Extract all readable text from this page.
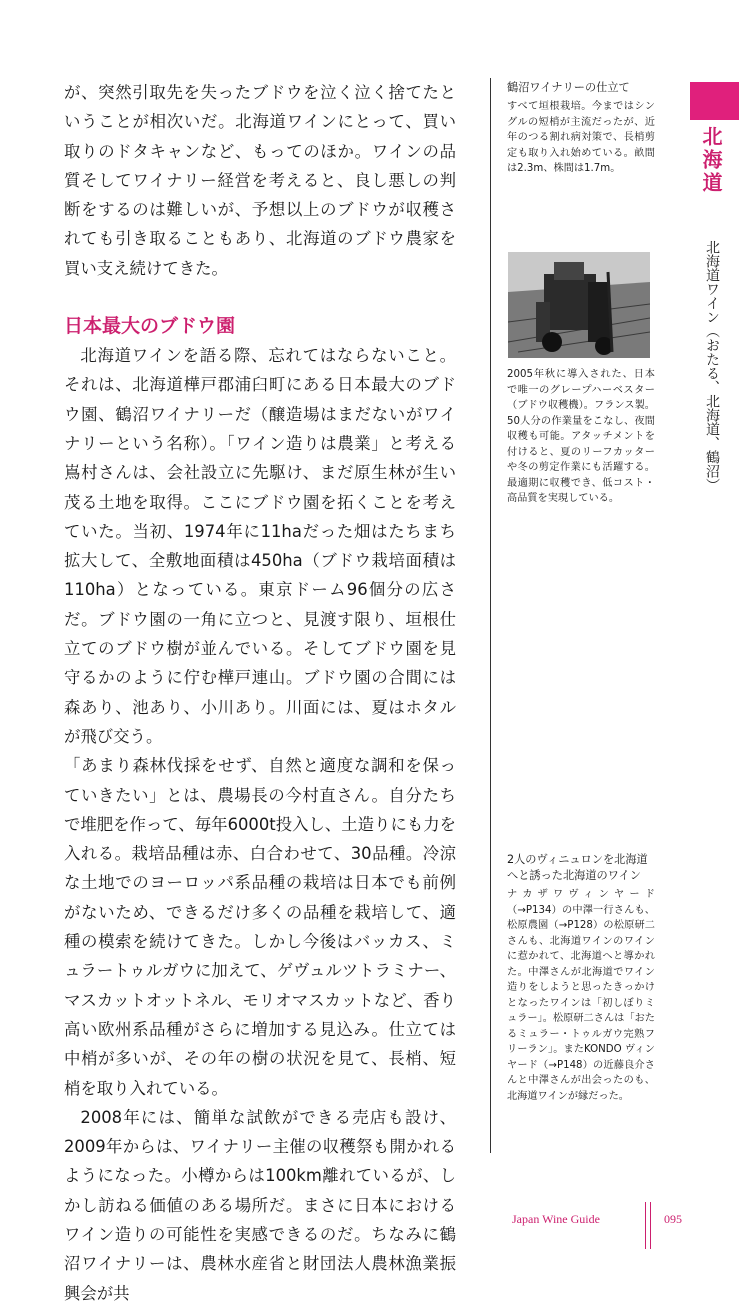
が、突然引取先を失ったブドウを泣く泣く捨てたということが相次いだ。北海道ワインにとって、買い取りのドタキャンなど、もってのほか。ワインの品質そしてワイナリー経営を考えると、良し悪しの判断をするのは難しいが、予想以上のブドウが収穫されても引き取ることもあり、北海道のブドウ農家を買い支え続けてきた。

日本最大のブドウ園

北海道ワインを語る際、忘れてはならないこと。それは、北海道樺戸郡浦臼町にある日本最大のブドウ園、鶴沼ワイナリーだ（醸造場はまだないがワイナリーという名称）。「ワイン造りは農業」と考える嶌村さんは、会社設立に先駆け、まだ原生林が生い茂る土地を取得。ここにブドウ園を拓くことを考えていた。当初、1974年に11haだった畑はたちまち拡大して、全敷地面積は450ha（ブドウ栽培面積は110ha）となっている。東京ドーム96個分の広さだ。ブドウ園の一角に立つと、見渡す限り、垣根仕立てのブドウ樹が並んでいる。そしてブドウ園を見守るかのように佇む樺戸連山。ブドウ園の合間には森あり、池あり、小川あり。川面には、夏はホタルが飛び交う。

「あまり森林伐採をせず、自然と適度な調和を保っていきたい」とは、農場長の今村直さん。自分たちで堆肥を作って、毎年6000t投入し、土造りにも力を入れる。栽培品種は赤、白合わせて、30品種。冷涼な土地でのヨーロッパ系品種の栽培は日本でも前例がないため、できるだけ多くの品種を栽培して、適種の模索を続けてきた。しかし今後はバッカス、ミュラートゥルガウに加えて、ゲヴュルツトラミナー、マスカットオットネル、モリオマスカットなど、香り高い欧州系品種がさらに増加する見込み。仕立ては中梢が多いが、その年の樹の状況を見て、長梢、短梢を取り入れている。

2008年には、簡単な試飲ができる売店も設け、2009年からは、ワイナリー主催の収穫祭も開かれるようになった。小樽からは100km離れているが、しかし訪ねる価値のある場所だ。まさに日本におけるワイン造りの可能性を実感できるのだ。ちなみに鶴沼ワイナリーは、農林水産省と財団法人農林漁業振興会が共

鶴沼ワイナリーの仕立て
すべて垣根栽培。今まではシングルの短梢が主流だったが、近年のつる割れ病対策で、長梢剪定も取り入れ始めている。畝間は2.3m、株間は1.7m。
2005年秋に導入された、日本で唯一のグレープハーベスター（ブドウ収穫機）。フランス製。50人分の作業量をこなし、夜間収穫も可能。アタッチメントを付けると、夏のリーフカッターや冬の剪定作業にも活躍する。最適期に収穫でき、低コスト・高品質を実現している。
2人のヴィニュロンを北海道へと誘った北海道のワイン
ナカザワヴィンヤード（→P134）の中澤一行さんも、松原農園（→P128）の松原研二さんも、北海道ワインのワインに惹かれて、北海道へと導かれた。中澤さんが北海道でワイン造りをしようと思ったきっかけとなったワインは「初しぼりミュラー」。松原研二さんは「おたるミュラー・トゥルガウ完熟フリーラン」。またKONDO ヴィンヤード（→P148）の近藤良介さんと中澤さんが出会ったのも、北海道ワインが縁だった。
北海道
北海道ワイン（おたる、北海道、鶴沼）
Japan Wine Guide	095
